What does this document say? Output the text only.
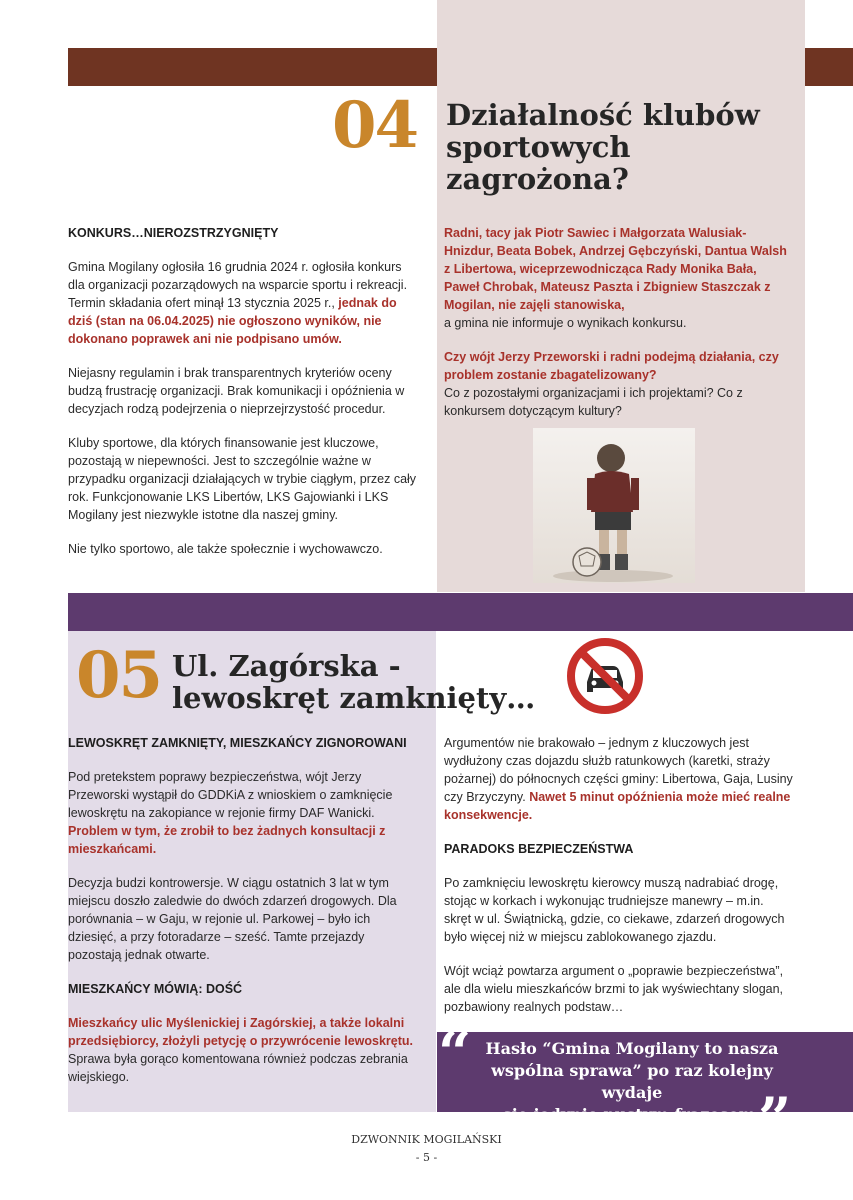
04 Działalność klubów
sportowych
zagrożona?
KONKURS…NIEROZSTRZYGNIĘTY

Gmina Mogilany ogłosiła 16 grudnia 2024 r. ogłosiła konkurs dla organizacji pozarządowych na wsparcie sportu i rekreacji. Termin składania ofert minął 13 stycznia 2025 r., jednak do dziś (stan na 06.04.2025) nie ogłoszono wyników, nie dokonano poprawek ani nie podpisano umów.

Niejasny regulamin i brak transparentnych kryteriów oceny budzą frustrację organizacji. Brak komunikacji i opóźnienia w decyzjach rodzą podejrzenia o nieprzejrzystość procedur.

Kluby sportowe, dla których finansowanie jest kluczowe, pozostają w niepewności. Jest to szczególnie ważne w przypadku organizacji działających w trybie ciągłym, przez cały rok. Funkcjonowanie LKS Libertów, LKS Gajowianki i LKS Mogilany jest niezwykle istotne dla naszej gminy.

Nie tylko sportowo, ale także społecznie i wychowawczo.

Radni, tacy jak Piotr Sawiec i Małgorzata Walusiak-Hnizdur, Beata Bobek, Andrzej Gębczyński, Dantua Walsh z Libertowa, wiceprzewodnicząca Rady Monika Bała, Paweł Chrobak, Mateusz Paszta i Zbigniew Staszczak z Mogilan, nie zajęli stanowiska,
a gmina nie informuje o wynikach konkursu.

Czy wójt Jerzy Przeworski i radni podejmą działania, czy problem zostanie zbagatelizowany?
Co z pozostałymi organizacjami i ich projektami? Co z konkursem dotyczącym kultury?

05 Ul. Zagórska -
lewoskręt zamknięty…
LEWOSKRĘT ZAMKNIĘTY, MIESZKAŃCY ZIGNOROWANI

Pod pretekstem poprawy bezpieczeństwa, wójt Jerzy Przeworski wystąpił do GDDKiA z wnioskiem o zamknięcie lewoskrętu na zakopiance w rejonie firmy DAF Wanicki. Problem w tym, że zrobił to bez żadnych konsultacji z mieszkańcami.

Decyzja budzi kontrowersje. W ciągu ostatnich 3 lat w tym miejscu doszło zaledwie do dwóch zdarzeń drogowych. Dla porównania – w Gaju, w rejonie ul. Parkowej – było ich dziesięć, a przy fotoradarze – sześć. Tamte przejazdy pozostają jednak otwarte.

MIESZKAŃCY MÓWIĄ: DOŚĆ

Mieszkańcy ulic Myślenickiej i Zagórskiej, a także lokalni przedsiębiorcy, złożyli petycję o przywrócenie lewoskrętu. Sprawa była gorąco komentowana również podczas zebrania wiejskiego.

Argumentów nie brakowało – jednym z kluczowych jest wydłużony czas dojazdu służb ratunkowych (karetki, straży pożarnej) do północnych części gminy: Libertowa, Gaja, Lusiny czy Brzyczyny. Nawet 5 minut opóźnienia może mieć realne konsekwencje.

PARADOKS BEZPIECZEŃSTWA

Po zamknięciu lewoskrętu kierowcy muszą nadrabiać drogę, stojąc w korkach i wykonując trudniejsze manewry – m.in. skręt w ul. Świątnicką, gdzie, co ciekawe, zdarzeń drogowych było więcej niż w miejscu zablokowanego zjazdu.

Wójt wciąż powtarza argument o „poprawie bezpieczeństwa”, ale dla wielu mieszkańców brzmi to jak wyświechtany slogan, pozbawiony realnych podstaw…

“ Hasło “Gmina Mogilany to nasza
wspólna sprawa” po raz kolejny wydaje
się jedynie pustym frazesem.
”
DZWONNIK MOGILAŃSKI
- 5 -
